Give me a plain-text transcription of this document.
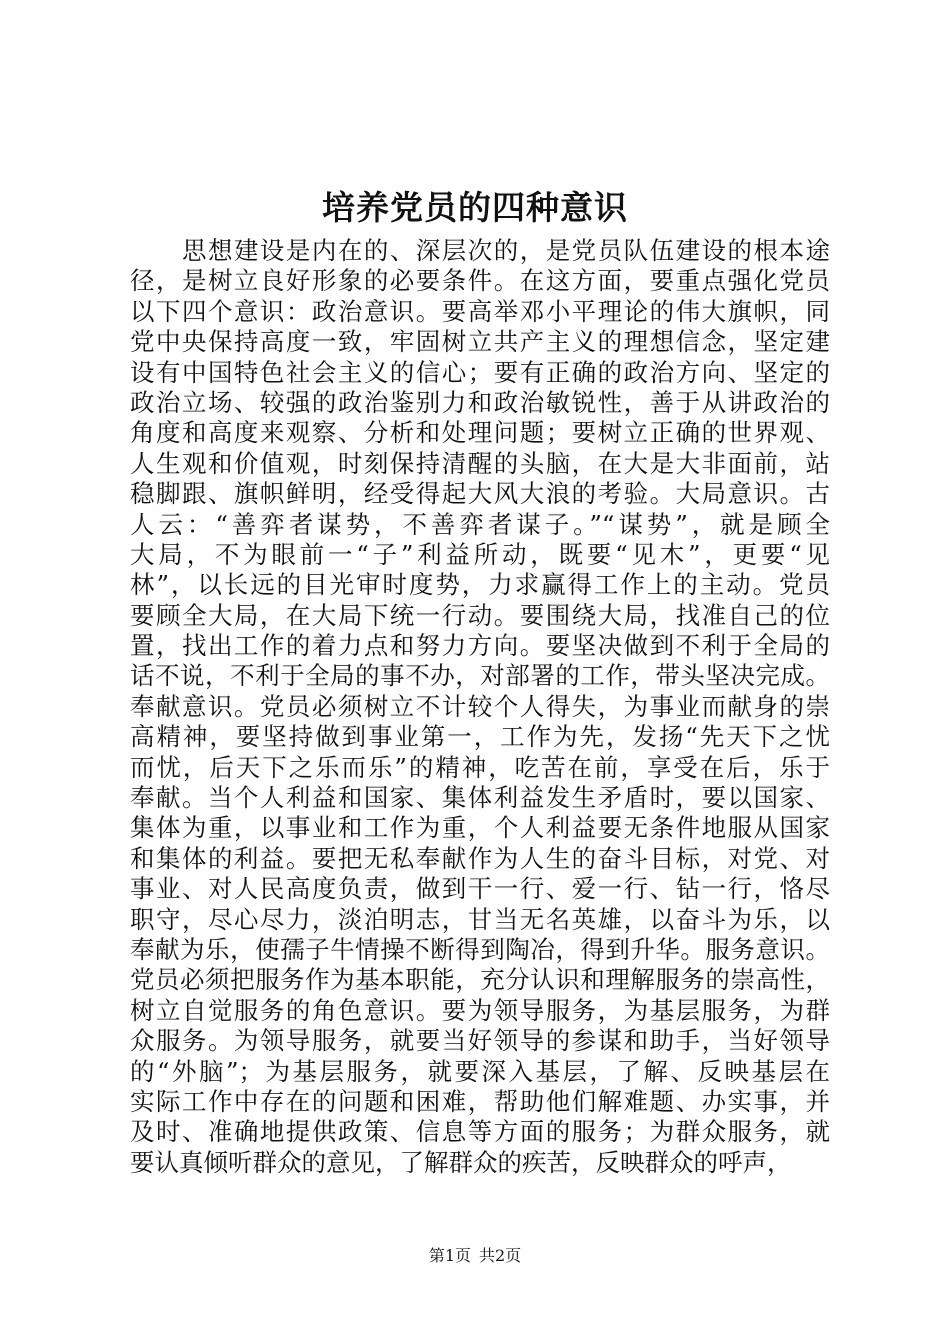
培养党员的四种意识
思想建设是内在的、深层次的，是党员队伍建设的根本途
径，是树立良好形象的必要条件。在这方面，要重点强化党员
以下四个意识：政治意识。要高举邓小平理论的伟大旗帜，同
党中央保持高度一致，牢固树立共产主义的理想信念，坚定建
设有中国特色社会主义的信心；要有正确的政治方向、坚定的
政治立场、较强的政治鉴别力和政治敏锐性，善于从讲政治的
角度和高度来观察、分析和处理问题；要树立正确的世界观、
人生观和价值观，时刻保持清醒的头脑，在大是大非面前，站
稳脚跟、旗帜鲜明，经受得起大风大浪的考验。大局意识。古
人云：“善弈者谋势，不善弈者谋子。”“谋势”，就是顾全
大局，不为眼前一“子”利益所动，既要“见木”，更要“见
林”，以长远的目光审时度势，力求赢得工作上的主动。党员
要顾全大局，在大局下统一行动。要围绕大局，找准自己的位
置，找出工作的着力点和努力方向。要坚决做到不利于全局的
话不说，不利于全局的事不办，对部署的工作，带头坚决完成。
奉献意识。党员必须树立不计较个人得失，为事业而献身的崇
高精神，要坚持做到事业第一，工作为先，发扬“先天下之忧
而忧，后天下之乐而乐”的精神，吃苦在前，享受在后，乐于
奉献。当个人利益和国家、集体利益发生矛盾时，要以国家、
集体为重，以事业和工作为重，个人利益要无条件地服从国家
和集体的利益。要把无私奉献作为人生的奋斗目标，对党、对
事业、对人民高度负责，做到干一行、爱一行、钻一行，恪尽
职守，尽心尽力，淡泊明志，甘当无名英雄，以奋斗为乐，以
奉献为乐，使孺子牛情操不断得到陶冶，得到升华。服务意识。
党员必须把服务作为基本职能，充分认识和理解服务的崇高性，
树立自觉服务的角色意识。要为领导服务，为基层服务，为群
众服务。为领导服务，就要当好领导的参谋和助手，当好领导
的“外脑”；为基层服务，就要深入基层，了解、反映基层在
实际工作中存在的问题和困难，帮助他们解难题、办实事，并
及时、准确地提供政策、信息等方面的服务；为群众服务，就
要认真倾听群众的意见，了解群众的疾苦，反映群众的呼声，
第1页 共2页
